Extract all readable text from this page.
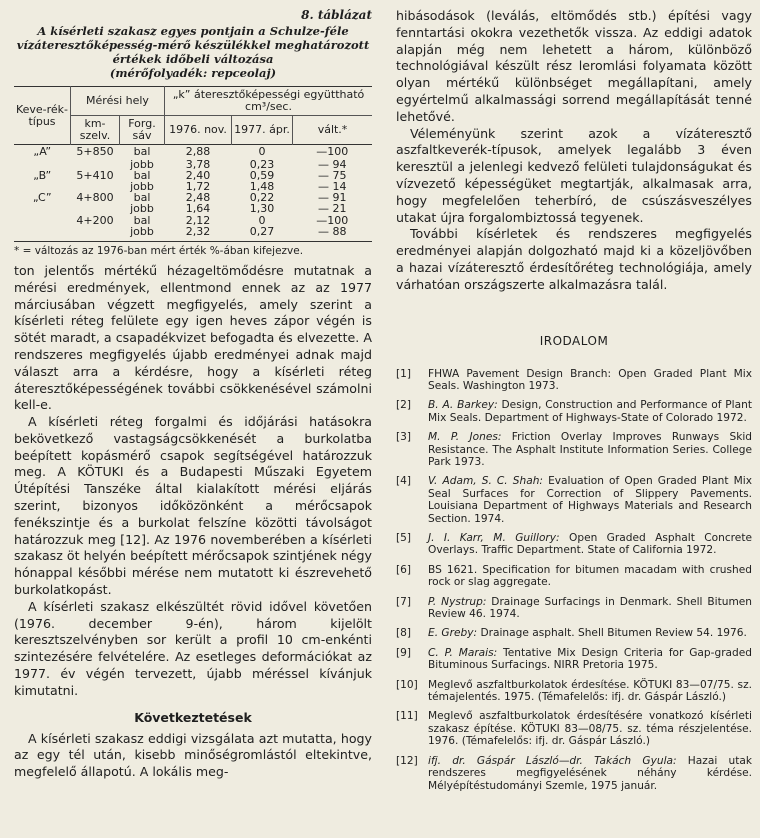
8. táblázat
A kísérleti szakasz egyes pontjain a Schulze-féle
vízáteresztőképesség-mérő készülékkel meghatározott
értékek időbeli változása
(mérőfolyadék: repceolaj)
Keve-rék-típus	Mérési hely		„k” áteresztőképességi együttható cm³/sec.		
	km-szelv.	Forg. sáv	1976. nov.	1977. ápr.	vált.*
„A”	5+850	bal	2,88	0	—100
		jobb	3,78	0,23	— 94
„B”	5+410	bal	2,40	0,59	— 75
		jobb	1,72	1,48	— 14
„C”	4+800	bal	2,48	0,22	— 91
		jobb	1,64	1,30	— 21
	4+200	bal	2,12	0	—100
		jobb	2,32	0,27	— 88
* = változás az 1976-ban mért érték %-ában kifejezve.

ton jelentős mértékű hézageltömődésre mutatnak a mérési eredmények, ellentmond ennek az az 1977 márciusában végzett megfigyelés, amely szerint a kísérleti réteg felülete egy igen heves zápor végén is sötét maradt, a csapadékvizet befogadta és elvezette. A rendszeres megfigyelés újabb eredményei adnak majd választ arra a kérdésre, hogy a kísérleti réteg áteresztőképességének további csökkenésével számolni kell-e.

A kísérleti réteg forgalmi és időjárási hatásokra bekövetkező vastagságcsökkenését a burkolatba beépített kopásmérő csapok segítségével határozzuk meg. A KÖTUKI és a Budapesti Műszaki Egyetem Útépítési Tanszéke által kialakított mérési eljárás szerint, bizonyos időközönként a mérőcsapok fenékszintje és a burkolat felszíne közötti távolságot határozzuk meg [12]. Az 1976 novemberében a kísérleti szakasz öt helyén beépített mérőcsapok szintjének négy hónappal későbbi mérése nem mutatott ki észrevehető burkolatkopást.

A kísérleti szakasz elkészültét rövid idővel követően (1976. december 9-én), három kijelölt keresztszelvényben sor került a profil 10 cm-enkénti szintezésére felvételére. Az esetleges deformációkat az 1977. év végén tervezett, újabb méréssel kívánjuk kimutatni.

Következtetések

A kísérleti szakasz eddigi vizsgálata azt mutatta, hogy az egy tél után, kisebb minőségromlástól eltekintve, megfelelő állapotú. A lokális meg-

hibásodások (leválás, eltömődés stb.) építési vagy fenntartási okokra vezethetők vissza. Az eddigi adatok alapján még nem lehetett a három, különböző technológiával készült rész leromlási folyamata között olyan mértékű különbséget megállapítani, amely egyértelmű alkalmassági sorrend megállapítását tenné lehetővé.

Véleményünk szerint azok a vízáteresztő aszfaltkeverék-típusok, amelyek legalább 3 éven keresztül a jelenlegi kedvező felületi tulajdonságukat és vízvezető képességüket megtartják, alkalmasak arra, hogy megfelelően teherbíró, de csúszásveszélyes utakat újra forgalombiztossá tegyenek.

További kísérletek és rendszeres megfigyelés eredményei alapján dolgozható majd ki a közeljövőben a hazai vízáteresztő érdesítőréteg technológiája, amely várhatóan országszerte alkalmazásra talál.

IRODALOM
[1] FHWA Pavement Design Branch: Open Graded Plant Mix Seals. Washington 1973.
[2] B. A. Barkey: Design, Construction and Performance of Plant Mix Seals. Department of Highways-State of Colorado 1972.
[3] M. P. Jones: Friction Overlay Improves Runways Skid Resistance. The Asphalt Institute Information Series. College Park 1973.
[4] V. Adam, S. C. Shah: Evaluation of Open Graded Plant Mix Seal Surfaces for Correction of Slippery Pavements. Louisiana Department of Highways Materials and Research Section. 1974.
[5] J. I. Karr, M. Guillory: Open Graded Asphalt Concrete Overlays. Traffic Department. State of California 1972.
[6] BS 1621. Specification for bitumen macadam with crushed rock or slag aggregate.
[7] P. Nystrup: Drainage Surfacings in Denmark. Shell Bitumen Review 46. 1974.
[8] E. Greby: Drainage asphalt. Shell Bitumen Review 54. 1976.
[9] C. P. Marais: Tentative Mix Design Criteria for Gap-graded Bituminous Surfacings. NIRR Pretoria 1975.
[10] Meglevő aszfaltburkolatok érdesítése. KÖTUKI 83—07/75. sz. témajelentés. 1975. (Témafelelős: ifj. dr. Gáspár László.)
[11] Meglevő aszfaltburkolatok érdesítésére vonatkozó kísérleti szakasz építése. KÖTUKI 83—08/75. sz. téma részjelentése. 1976. (Témafelelős: ifj. dr. Gáspár László.)
[12] ifj. dr. Gáspár László—dr. Takách Gyula: Hazai utak rendszeres megfigyelésének néhány kérdése. Mélyépítéstudományi Szemle, 1975 január.
